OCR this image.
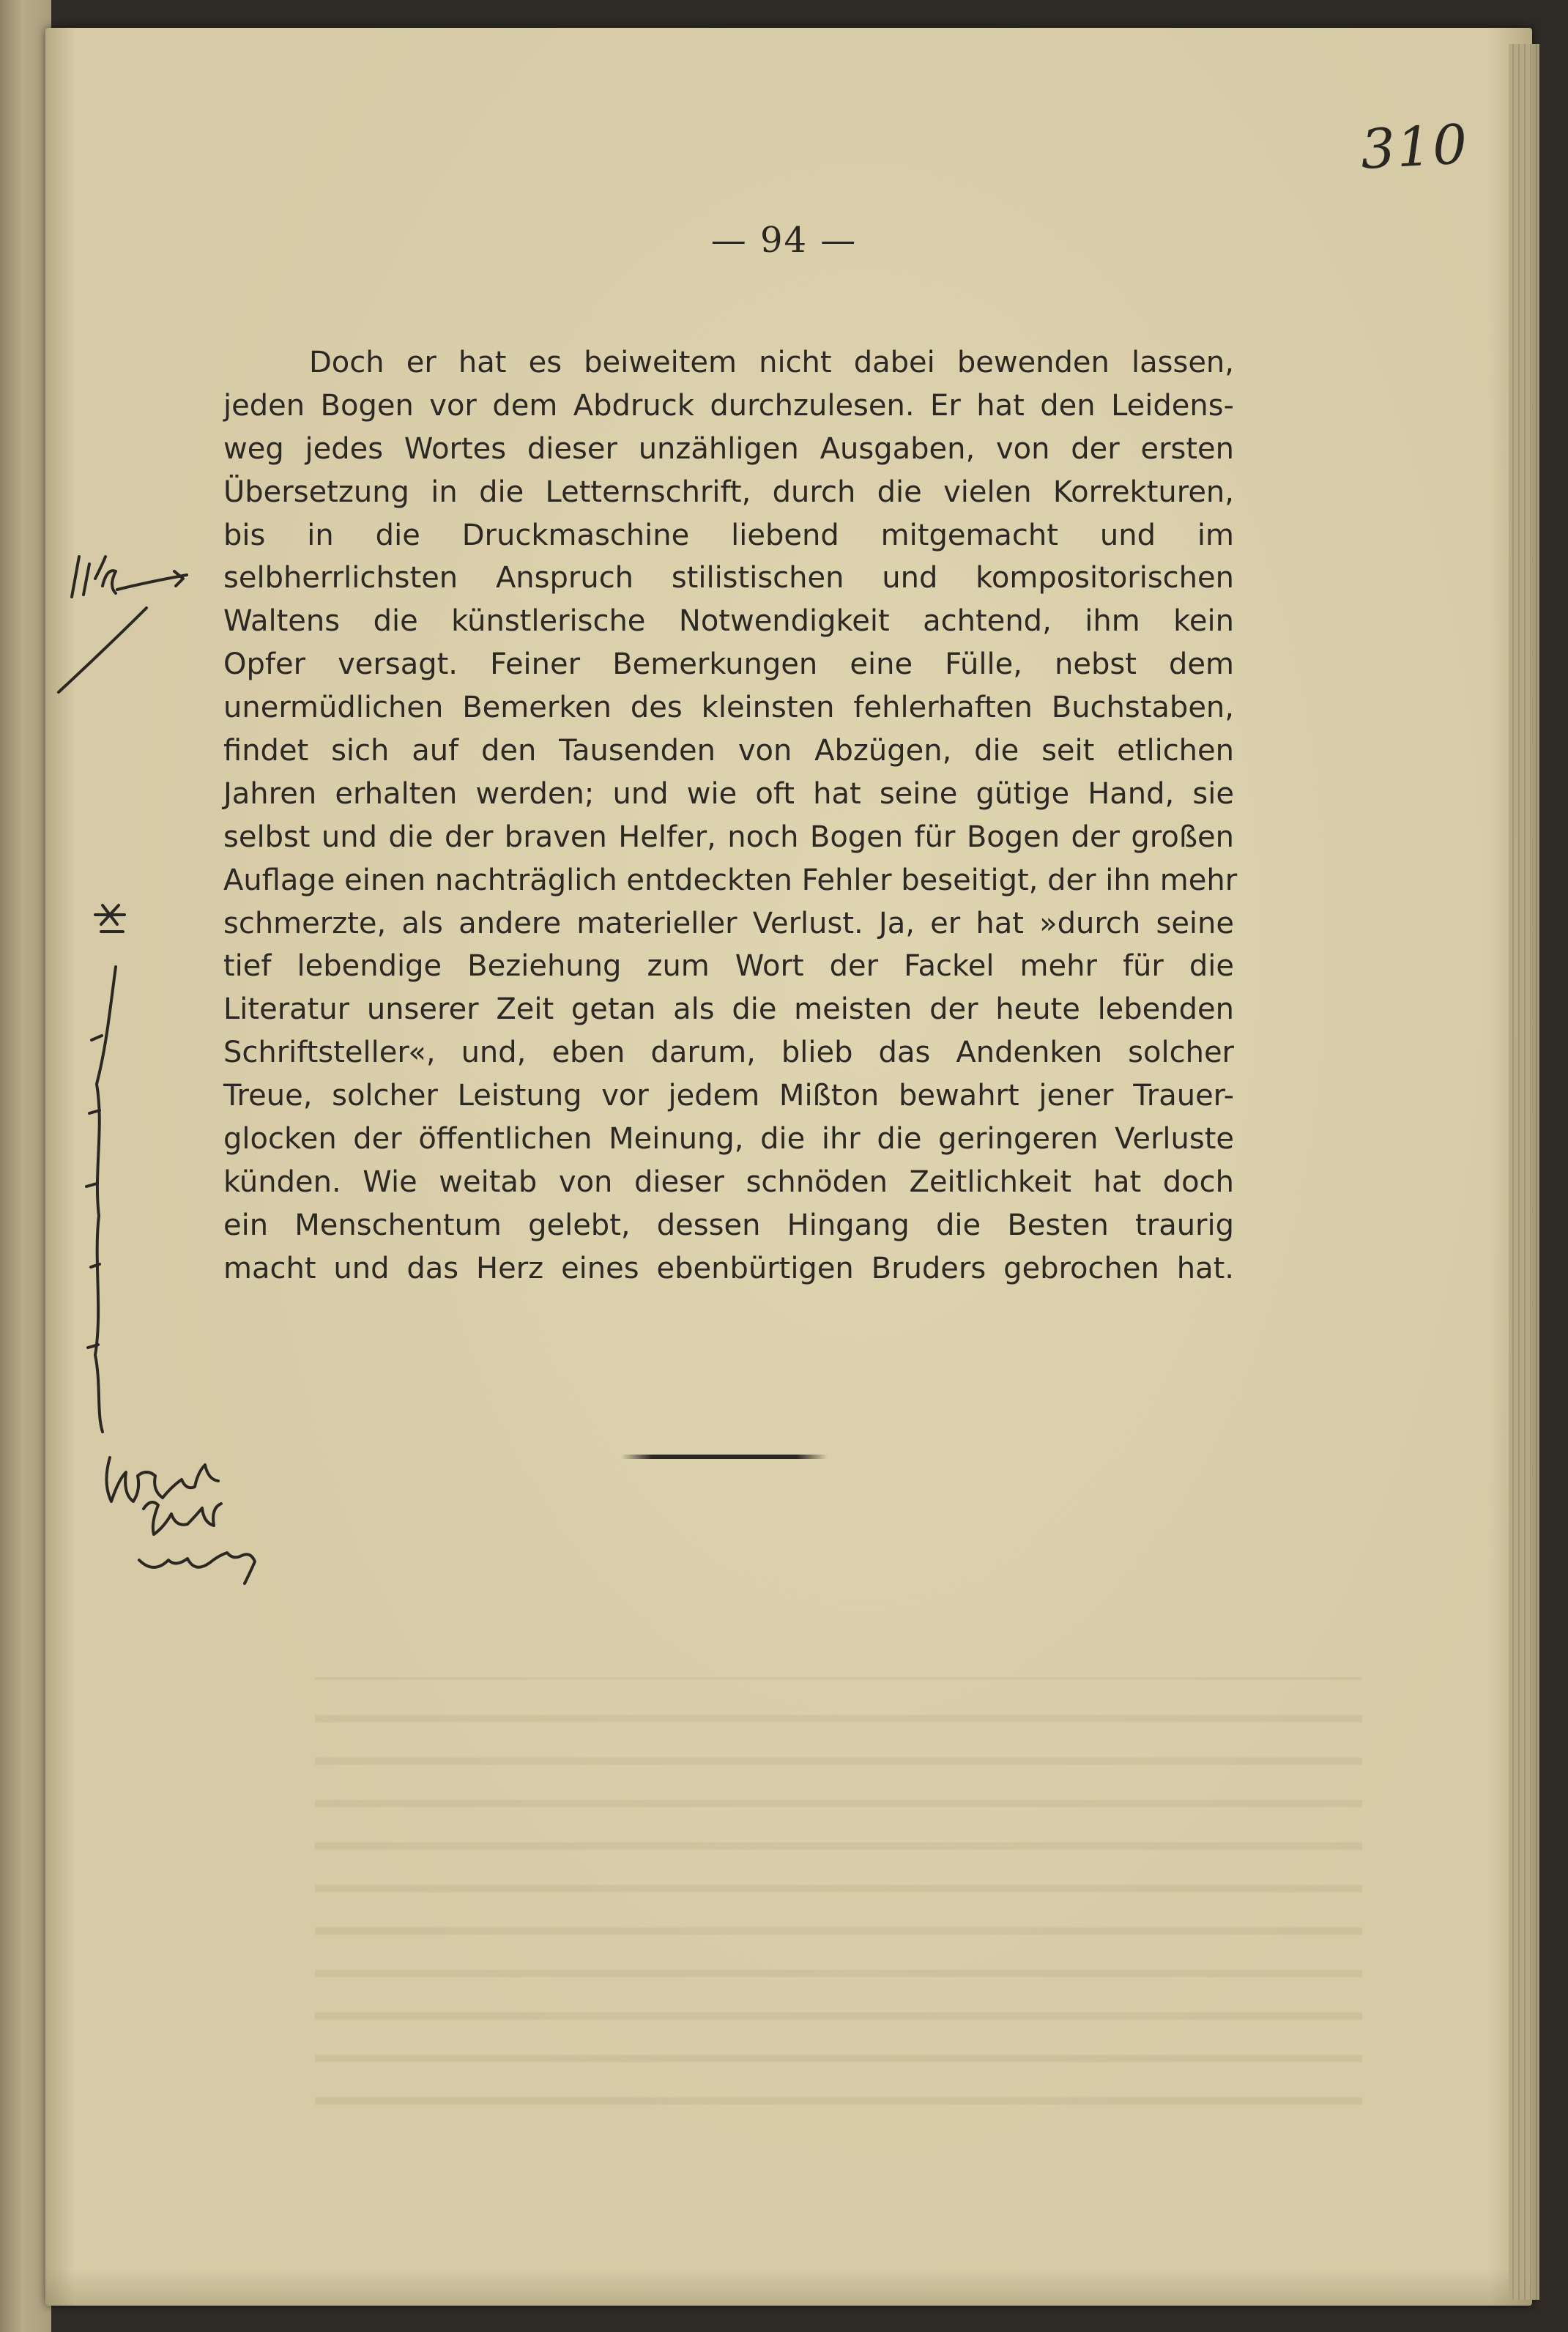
310
— 94 —
Doch er hat es beiweitem nicht dabei bewenden lassen,
jeden Bogen vor dem Abdruck durchzulesen. Er hat den Leidens-
weg jedes Wortes dieser unzähligen Ausgaben, von der ersten
Übersetzung in die Letternschrift, durch die vielen Korrekturen,
bis in die Druckmaschine liebend mitgemacht und im
selbherrlichsten Anspruch stilistischen und kompositorischen
Waltens die künstlerische Notwendigkeit achtend, ihm kein
Opfer versagt. Feiner Bemerkungen eine Fülle, nebst dem
unermüdlichen Bemerken des kleinsten fehlerhaften Buchstaben,
findet sich auf den Tausenden von Abzügen, die seit etlichen
Jahren erhalten werden; und wie oft hat seine gütige Hand, sie
selbst und die der braven Helfer, noch Bogen für Bogen der großen
Auflage einen nachträglich entdeckten Fehler beseitigt, der ihn mehr
schmerzte, als andere materieller Verlust. Ja, er hat »durch seine
tief lebendige Beziehung zum Wort der Fackel mehr für die
Literatur unserer Zeit getan als die meisten der heute lebenden
Schriftsteller«, und, eben darum, blieb das Andenken solcher
Treue, solcher Leistung vor jedem Mißton bewahrt jener Trauer-
glocken der öffentlichen Meinung, die ihr die geringeren Verluste
künden. Wie weitab von dieser schnöden Zeitlichkeit hat doch
ein Menschentum gelebt, dessen Hingang die Besten traurig
macht und das Herz eines ebenbürtigen Bruders gebrochen hat.
